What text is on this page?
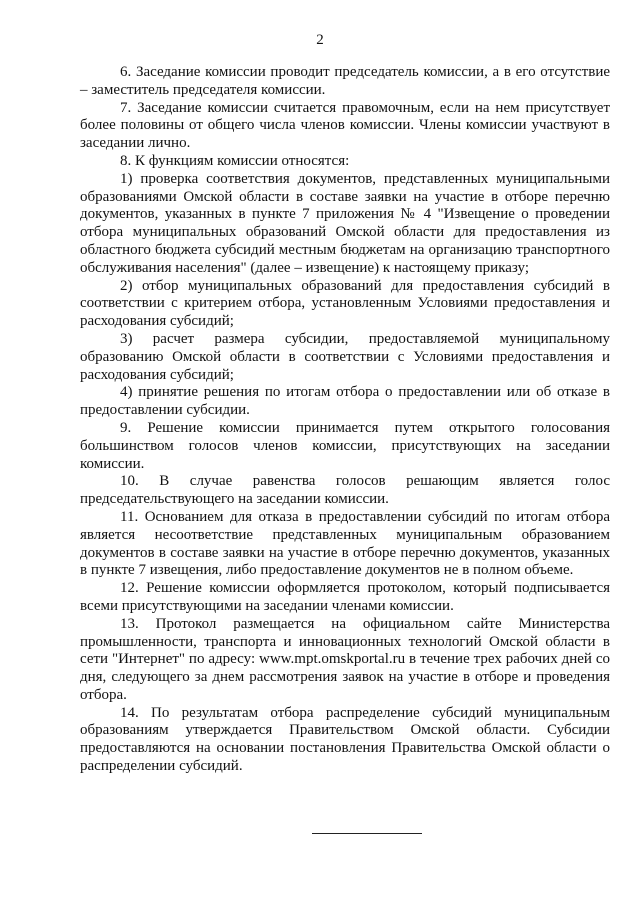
2

6. Заседание комиссии проводит председатель комиссии, а в его отсутствие – заместитель председателя комиссии.

7. Заседание комиссии считается правомочным, если на нем присутствует более половины от общего числа членов комиссии. Члены комиссии участвуют в заседании лично.

8. К функциям комиссии относятся:

1) проверка соответствия документов, представленных муниципальными образованиями Омской области в составе заявки на участие в отборе перечню документов, указанных в пункте 7 приложения № 4 "Извещение о проведении отбора муниципальных образований Омской области для предоставления из областного бюджета субсидий местным бюджетам на организацию транспортного обслуживания населения" (далее – извещение) к настоящему приказу;

2) отбор муниципальных образований для предоставления субсидий в соответствии с критерием отбора, установленным Условиями предоставления и расходования субсидий;

3) расчет размера субсидии, предоставляемой муниципальному образованию Омской области в соответствии с Условиями предоставления и расходования субсидий;

4) принятие решения по итогам отбора о предоставлении или об отказе в предоставлении субсидии.

9. Решение комиссии принимается путем открытого голосования большинством голосов членов комиссии, присутствующих на заседании комиссии.

10. В случае равенства голосов решающим является голос председательствующего на заседании комиссии.

11. Основанием для отказа в предоставлении субсидий по итогам отбора является несоответствие представленных муниципальным образованием документов в составе заявки на участие в отборе перечню документов, указанных в пункте 7 извещения, либо предоставление документов не в полном объеме.

12. Решение комиссии оформляется протоколом, который подписывается всеми присутствующими на заседании членами комиссии.

13. Протокол размещается на официальном сайте Министерства промышленности, транспорта и инновационных технологий Омской области в сети "Интернет" по адресу: www.mpt.omskportal.ru в течение трех рабочих дней со дня, следующего за днем рассмотрения заявок на участие в отборе и проведения отбора.

14. По результатам отбора распределение субсидий муниципальным образованиям утверждается Правительством Омской области. Субсидии предоставляются на основании постановления Правительства Омской области о распределении субсидий.
